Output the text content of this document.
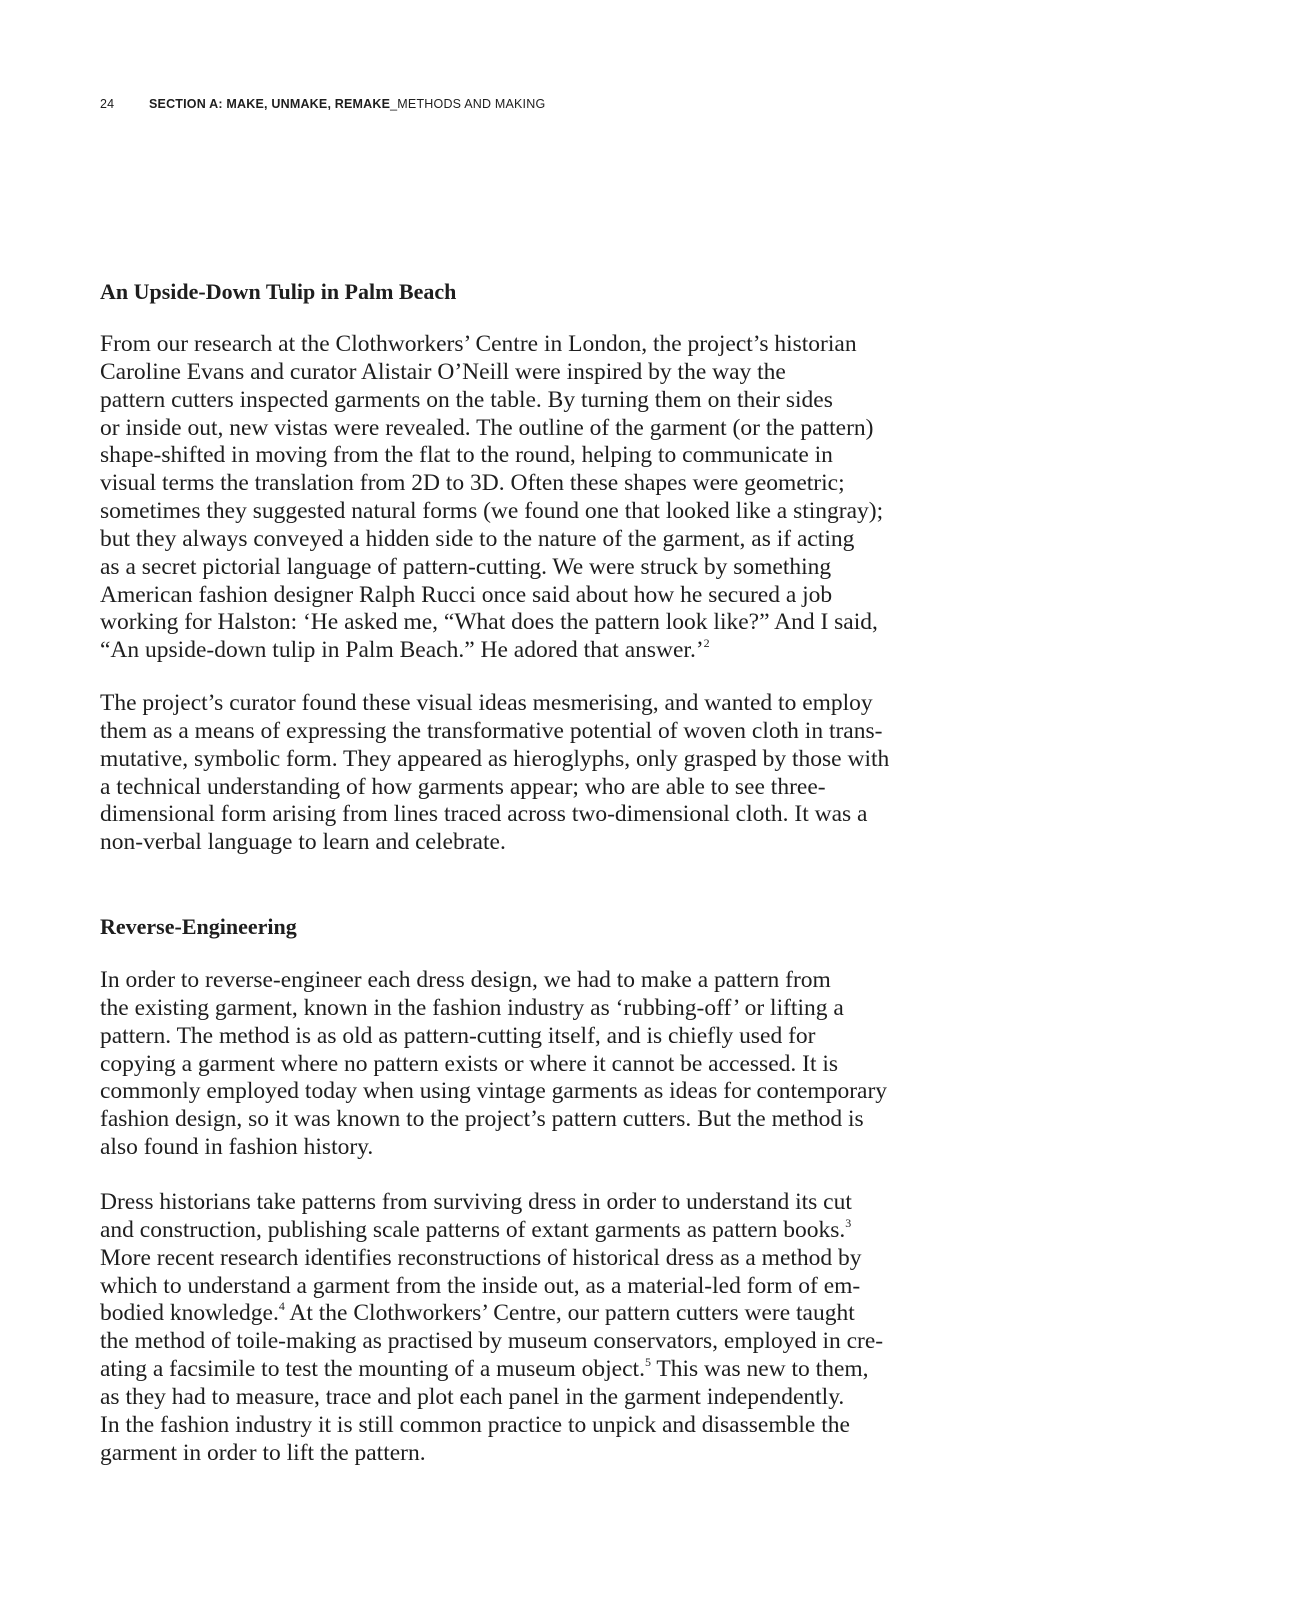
24	SECTION A: MAKE, UNMAKE, REMAKE_METHODS AND MAKING
An Upside-Down Tulip in Palm Beach
From our research at the Clothworkers’ Centre in London, the project’s historian
Caroline Evans and curator Alistair O’Neill were inspired by the way the
pattern cutters inspected garments on the table. By turning them on their sides
or inside out, new vistas were revealed. The outline of the garment (or the pattern)
shape-shifted in moving from the flat to the round, helping to communicate in
visual terms the translation from 2D to 3D. Often these shapes were geometric;
sometimes they suggested natural forms (we found one that looked like a stingray);
but they always conveyed a hidden side to the nature of the garment, as if acting
as a secret pictorial language of pattern-cutting. We were struck by something
American fashion designer Ralph Rucci once said about how he secured a job
working for Halston: ‘He asked me, “What does the pattern look like?” And I said,
“An upside-down tulip in Palm Beach.” He adored that answer.’$^2$
The project’s curator found these visual ideas mesmerising, and wanted to employ
them as a means of expressing the transformative potential of woven cloth in trans-
mutative, symbolic form. They appeared as hieroglyphs, only grasped by those with
a technical understanding of how garments appear; who are able to see three-
dimensional form arising from lines traced across two-dimensional cloth. It was a
non-verbal language to learn and celebrate.
Reverse-Engineering
In order to reverse-engineer each dress design, we had to make a pattern from
the existing garment, known in the fashion industry as ‘rubbing-off’ or lifting a
pattern. The method is as old as pattern-cutting itself, and is chiefly used for
copying a garment where no pattern exists or where it cannot be accessed. It is
commonly employed today when using vintage garments as ideas for contemporary
fashion design, so it was known to the project’s pattern cutters. But the method is
also found in fashion history.
Dress historians take patterns from surviving dress in order to understand its cut
and construction, publishing scale patterns of extant garments as pattern books.$^3$
More recent research identifies reconstructions of historical dress as a method by
which to understand a garment from the inside out, as a material-led form of em-
bodied knowledge.$^4$ At the Clothworkers’ Centre, our pattern cutters were taught
the method of toile-making as practised by museum conservators, employed in cre-
ating a facsimile to test the mounting of a museum object.$^5$ This was new to them,
as they had to measure, trace and plot each panel in the garment independently.
In the fashion industry it is still common practice to unpick and disassemble the
garment in order to lift the pattern.
